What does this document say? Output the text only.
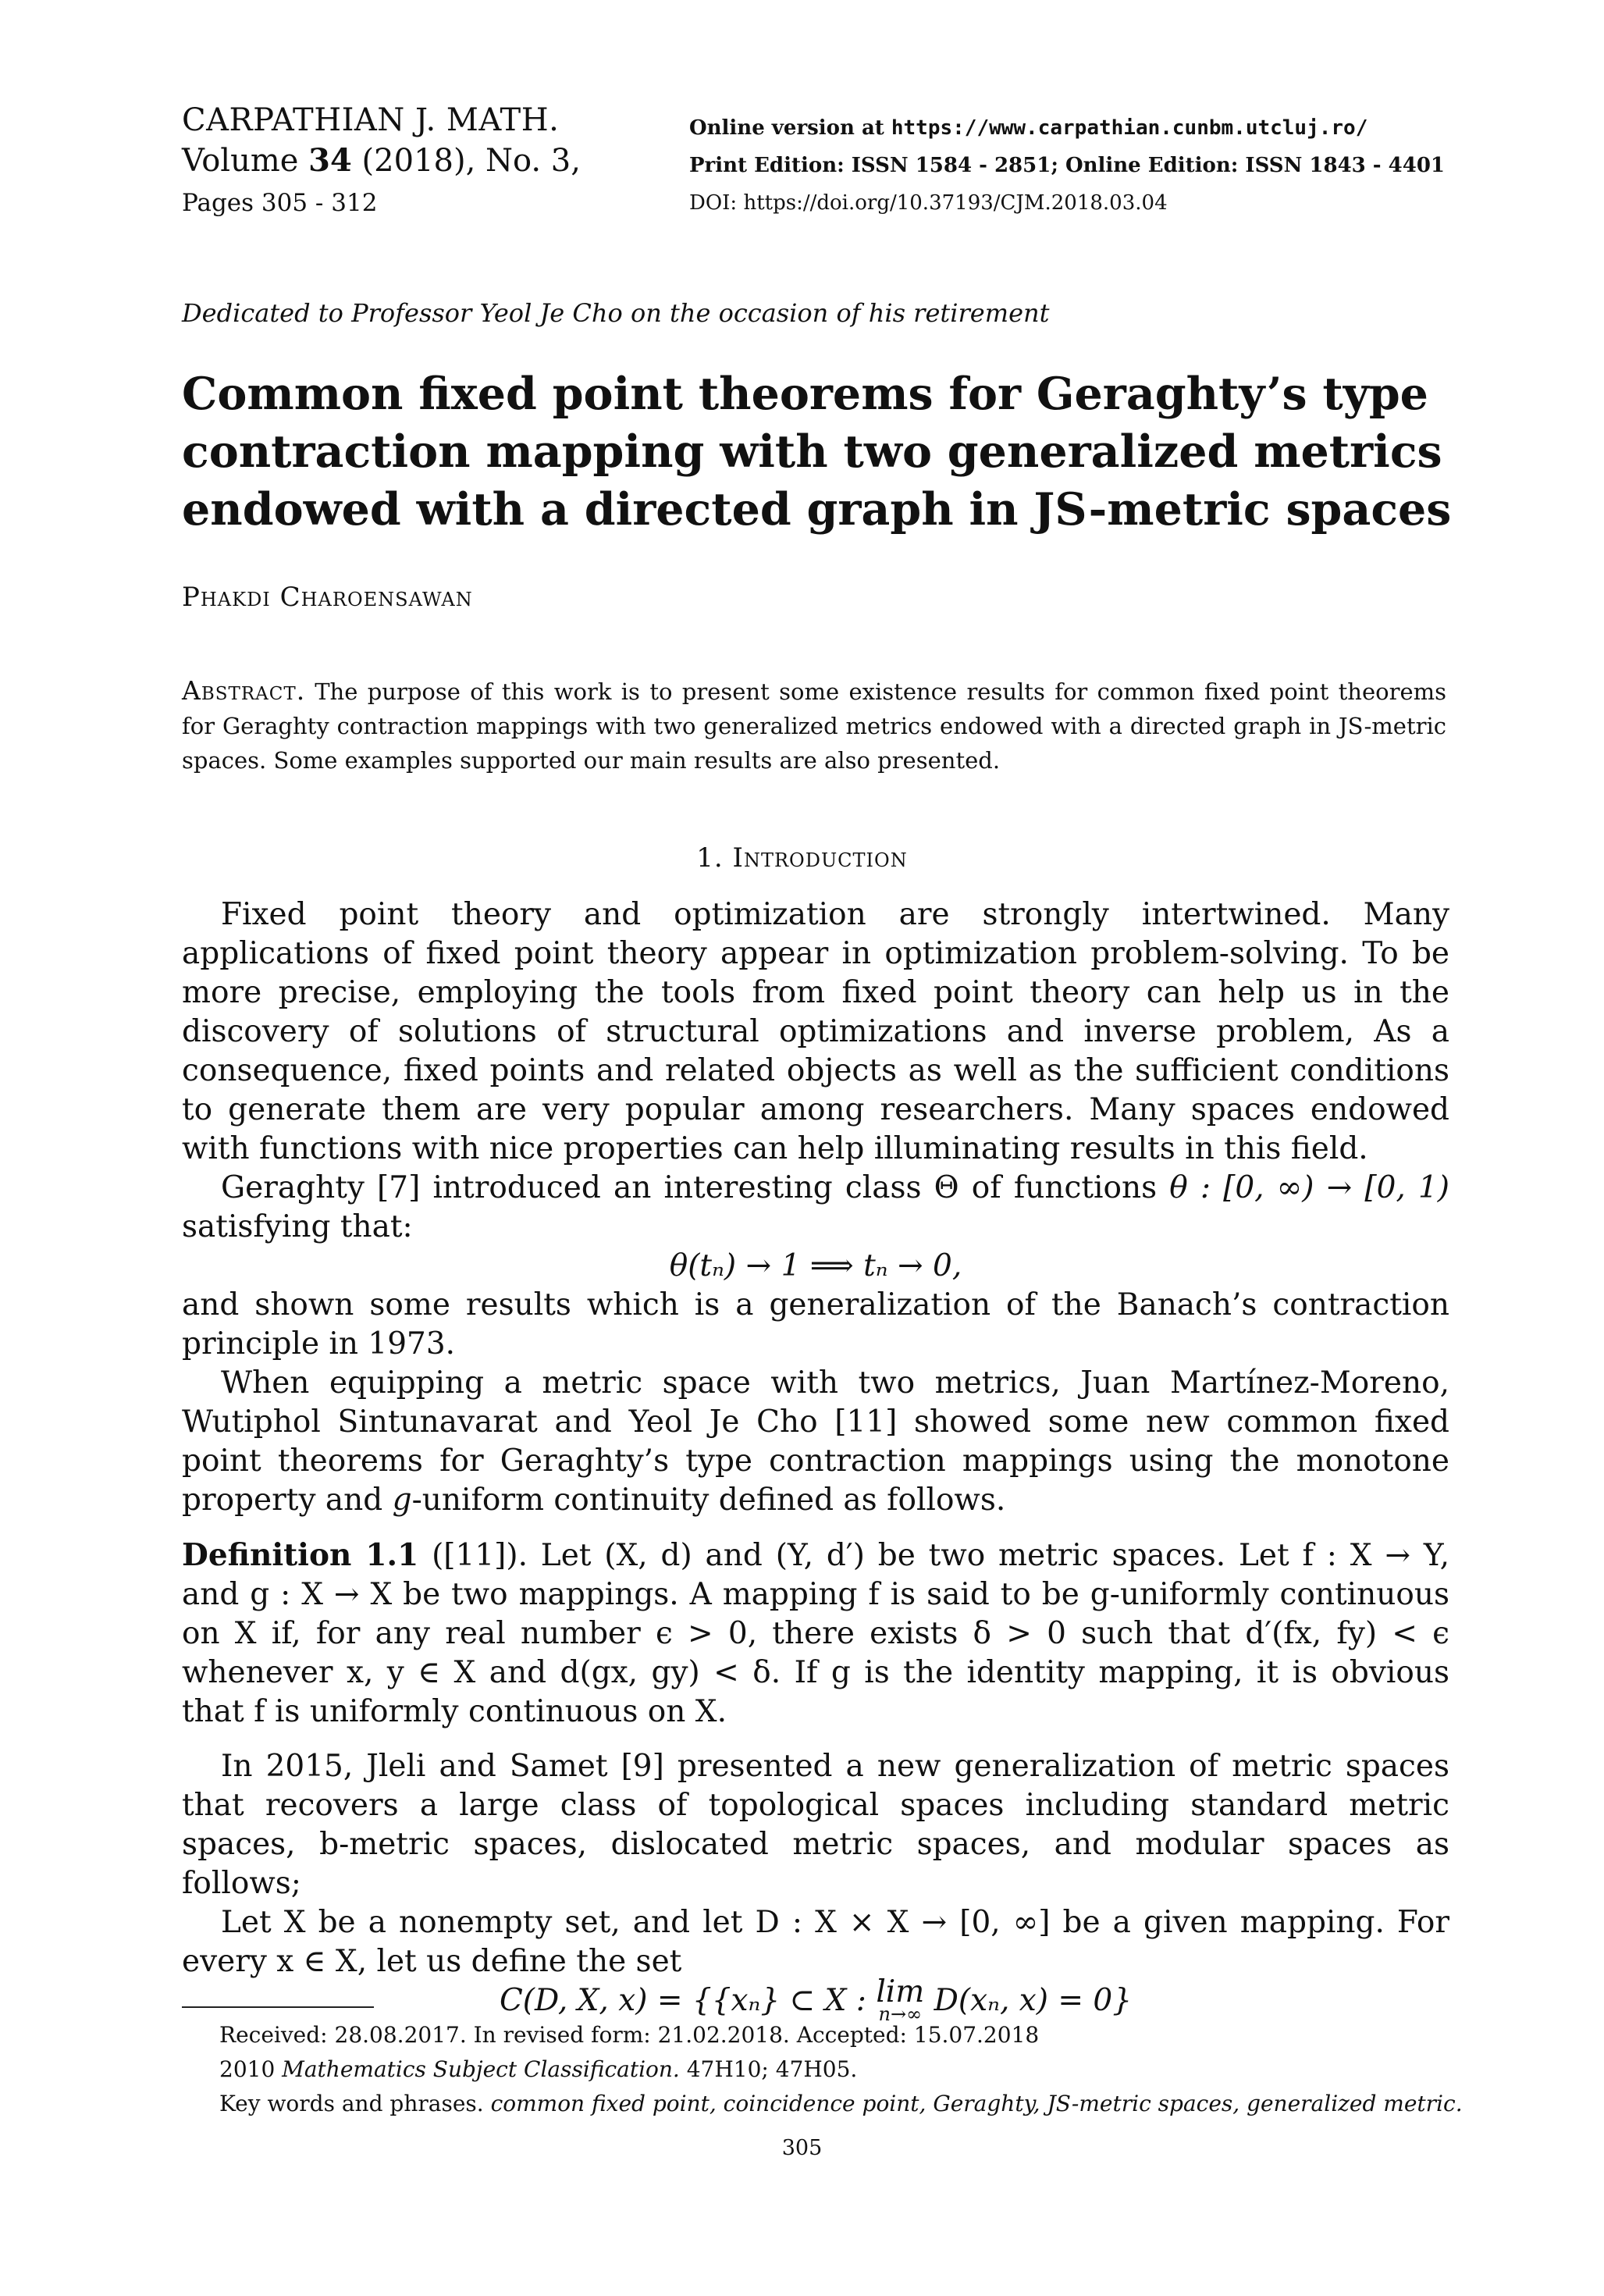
CARPATHIAN J. MATH.
Volume 34 (2018), No. 3,
Pages 305 - 312
Online version at https://www.carpathian.cunbm.utcluj.ro/
Print Edition: ISSN 1584 - 2851; Online Edition: ISSN 1843 - 4401
DOI: https://doi.org/10.37193/CJM.2018.03.04
Dedicated to Professor Yeol Je Cho on the occasion of his retirement
Common fixed point theorems for Geraghty’s type
contraction mapping with two generalized metrics
endowed with a directed graph in JS-metric spaces
Phakdi Charoensawan
Abstract. The purpose of this work is to present some existence results for common fixed point theorems for Geraghty contraction mappings with two generalized metrics endowed with a directed graph in JS-metric spaces. Some examples supported our main results are also presented.
1. Introduction

Fixed point theory and optimization are strongly intertwined. Many applications of fixed point theory appear in optimization problem-solving. To be more precise, employing the tools from fixed point theory can help us in the discovery of solutions of structural optimizations and inverse problem, As a consequence, fixed points and related objects as well as the sufficient conditions to generate them are very popular among researchers. Many spaces endowed with functions with nice properties can help illuminating results in this field.

Geraghty [7] introduced an interesting class Θ of functions θ : [0, ∞) → [0, 1) satisfying that:

θ(tₙ) → 1 ⟹ tₙ → 0,

and shown some results which is a generalization of the Banach’s contraction principle in 1973.

When equipping a metric space with two metrics, Juan Martínez-Moreno, Wutiphol Sintunavarat and Yeol Je Cho [11] showed some new common fixed point theorems for Geraghty’s type contraction mappings using the monotone property and g-uniform continuity defined as follows.

Definition 1.1 ([11]). Let (X, d) and (Y, d′) be two metric spaces. Let f : X → Y, and g : X → X be two mappings. A mapping f is said to be g-uniformly continuous on X if, for any real number ϵ > 0, there exists δ > 0 such that d′(fx, fy) < ϵ whenever x, y ∈ X and d(gx, gy) < δ. If g is the identity mapping, it is obvious that f is uniformly continuous on X.

In 2015, Jleli and Samet [9] presented a new generalization of metric spaces that recovers a large class of topological spaces including standard metric spaces, b-metric spaces, dislocated metric spaces, and modular spaces as follows;

Let X be a nonempty set, and let D : X × X → [0, ∞] be a given mapping. For every x ∈ X, let us define the set

C(D, X, x) = {{xₙ} ⊂ X : lim
n→∞ D(xₙ, x) = 0}

Received: 28.08.2017. In revised form: 21.02.2018. Accepted: 15.07.2018

2010 Mathematics Subject Classification. 47H10; 47H05.

Key words and phrases. common fixed point, coincidence point, Geraghty, JS-metric spaces, generalized metric.

305
